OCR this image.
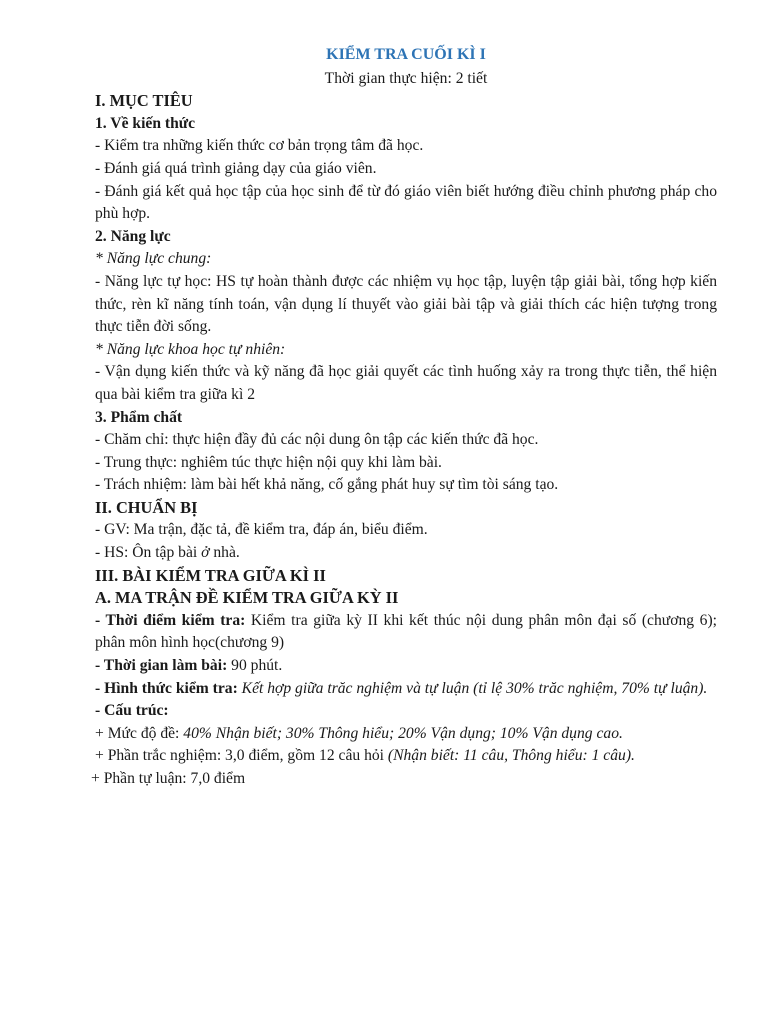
KIỂM TRA CUỐI KÌ I
Thời gian thực hiện: 2 tiết
I. MỤC TIÊU
1. Về kiến thức
- Kiểm tra những kiến thức cơ bản trọng tâm đã học.
- Đánh giá quá trình giảng dạy của giáo viên.
- Đánh giá kết quả học tập của học sinh để từ đó giáo viên biết hướng điều chỉnh phương pháp cho phù hợp.
2. Năng lực
* Năng lực chung:
- Năng lực tự học: HS tự hoàn thành được các nhiệm vụ học tập, luyện tập giải bài, tổng hợp kiến thức, rèn kĩ năng tính toán, vận dụng lí thuyết vào giải bài tập và giải thích các hiện tượng trong thực tiễn đời sống.
* Năng lực khoa học tự nhiên:
- Vận dụng kiến thức và kỹ năng đã học giải quyết các tình huống xảy ra trong thực tiễn, thể hiện qua bài kiểm tra giữa kì 2
3. Phẩm chất
- Chăm chỉ: thực hiện đầy đủ các nội dung ôn tập các kiến thức đã học.
- Trung thực: nghiêm túc thực hiện nội quy khi làm bài.
- Trách nhiệm: làm bài hết khả năng, cố gắng phát huy sự tìm tòi sáng tạo.
II. CHUẨN BỊ
- GV: Ma trận, đặc tả, đề kiểm tra, đáp án, biểu điểm.
- HS: Ôn tập bài ở nhà.
III. BÀI KIỂM TRA GIỮA KÌ II
A. MA TRẬN ĐỀ KIỂM TRA GIỮA KỲ II
- Thời điểm kiểm tra: Kiểm tra giữa kỳ II khi kết thúc nội dung phân môn đại số (chương 6); phân môn hình học(chương 9)
- Thời gian làm bài: 90 phút.
- Hình thức kiểm tra: Kết hợp giữa trăc nghiệm và tự luận (tỉ lệ 30% trăc nghiệm, 70% tự luận).
- Cấu trúc:
+ Mức độ đề: 40% Nhận biết; 30% Thông hiểu; 20% Vận dụng; 10% Vận dụng cao.
+ Phần trắc nghiệm: 3,0 điểm, gồm 12 câu hỏi (Nhận biết: 11 câu, Thông hiểu: 1 câu).
+ Phần tự luận: 7,0 điểm
